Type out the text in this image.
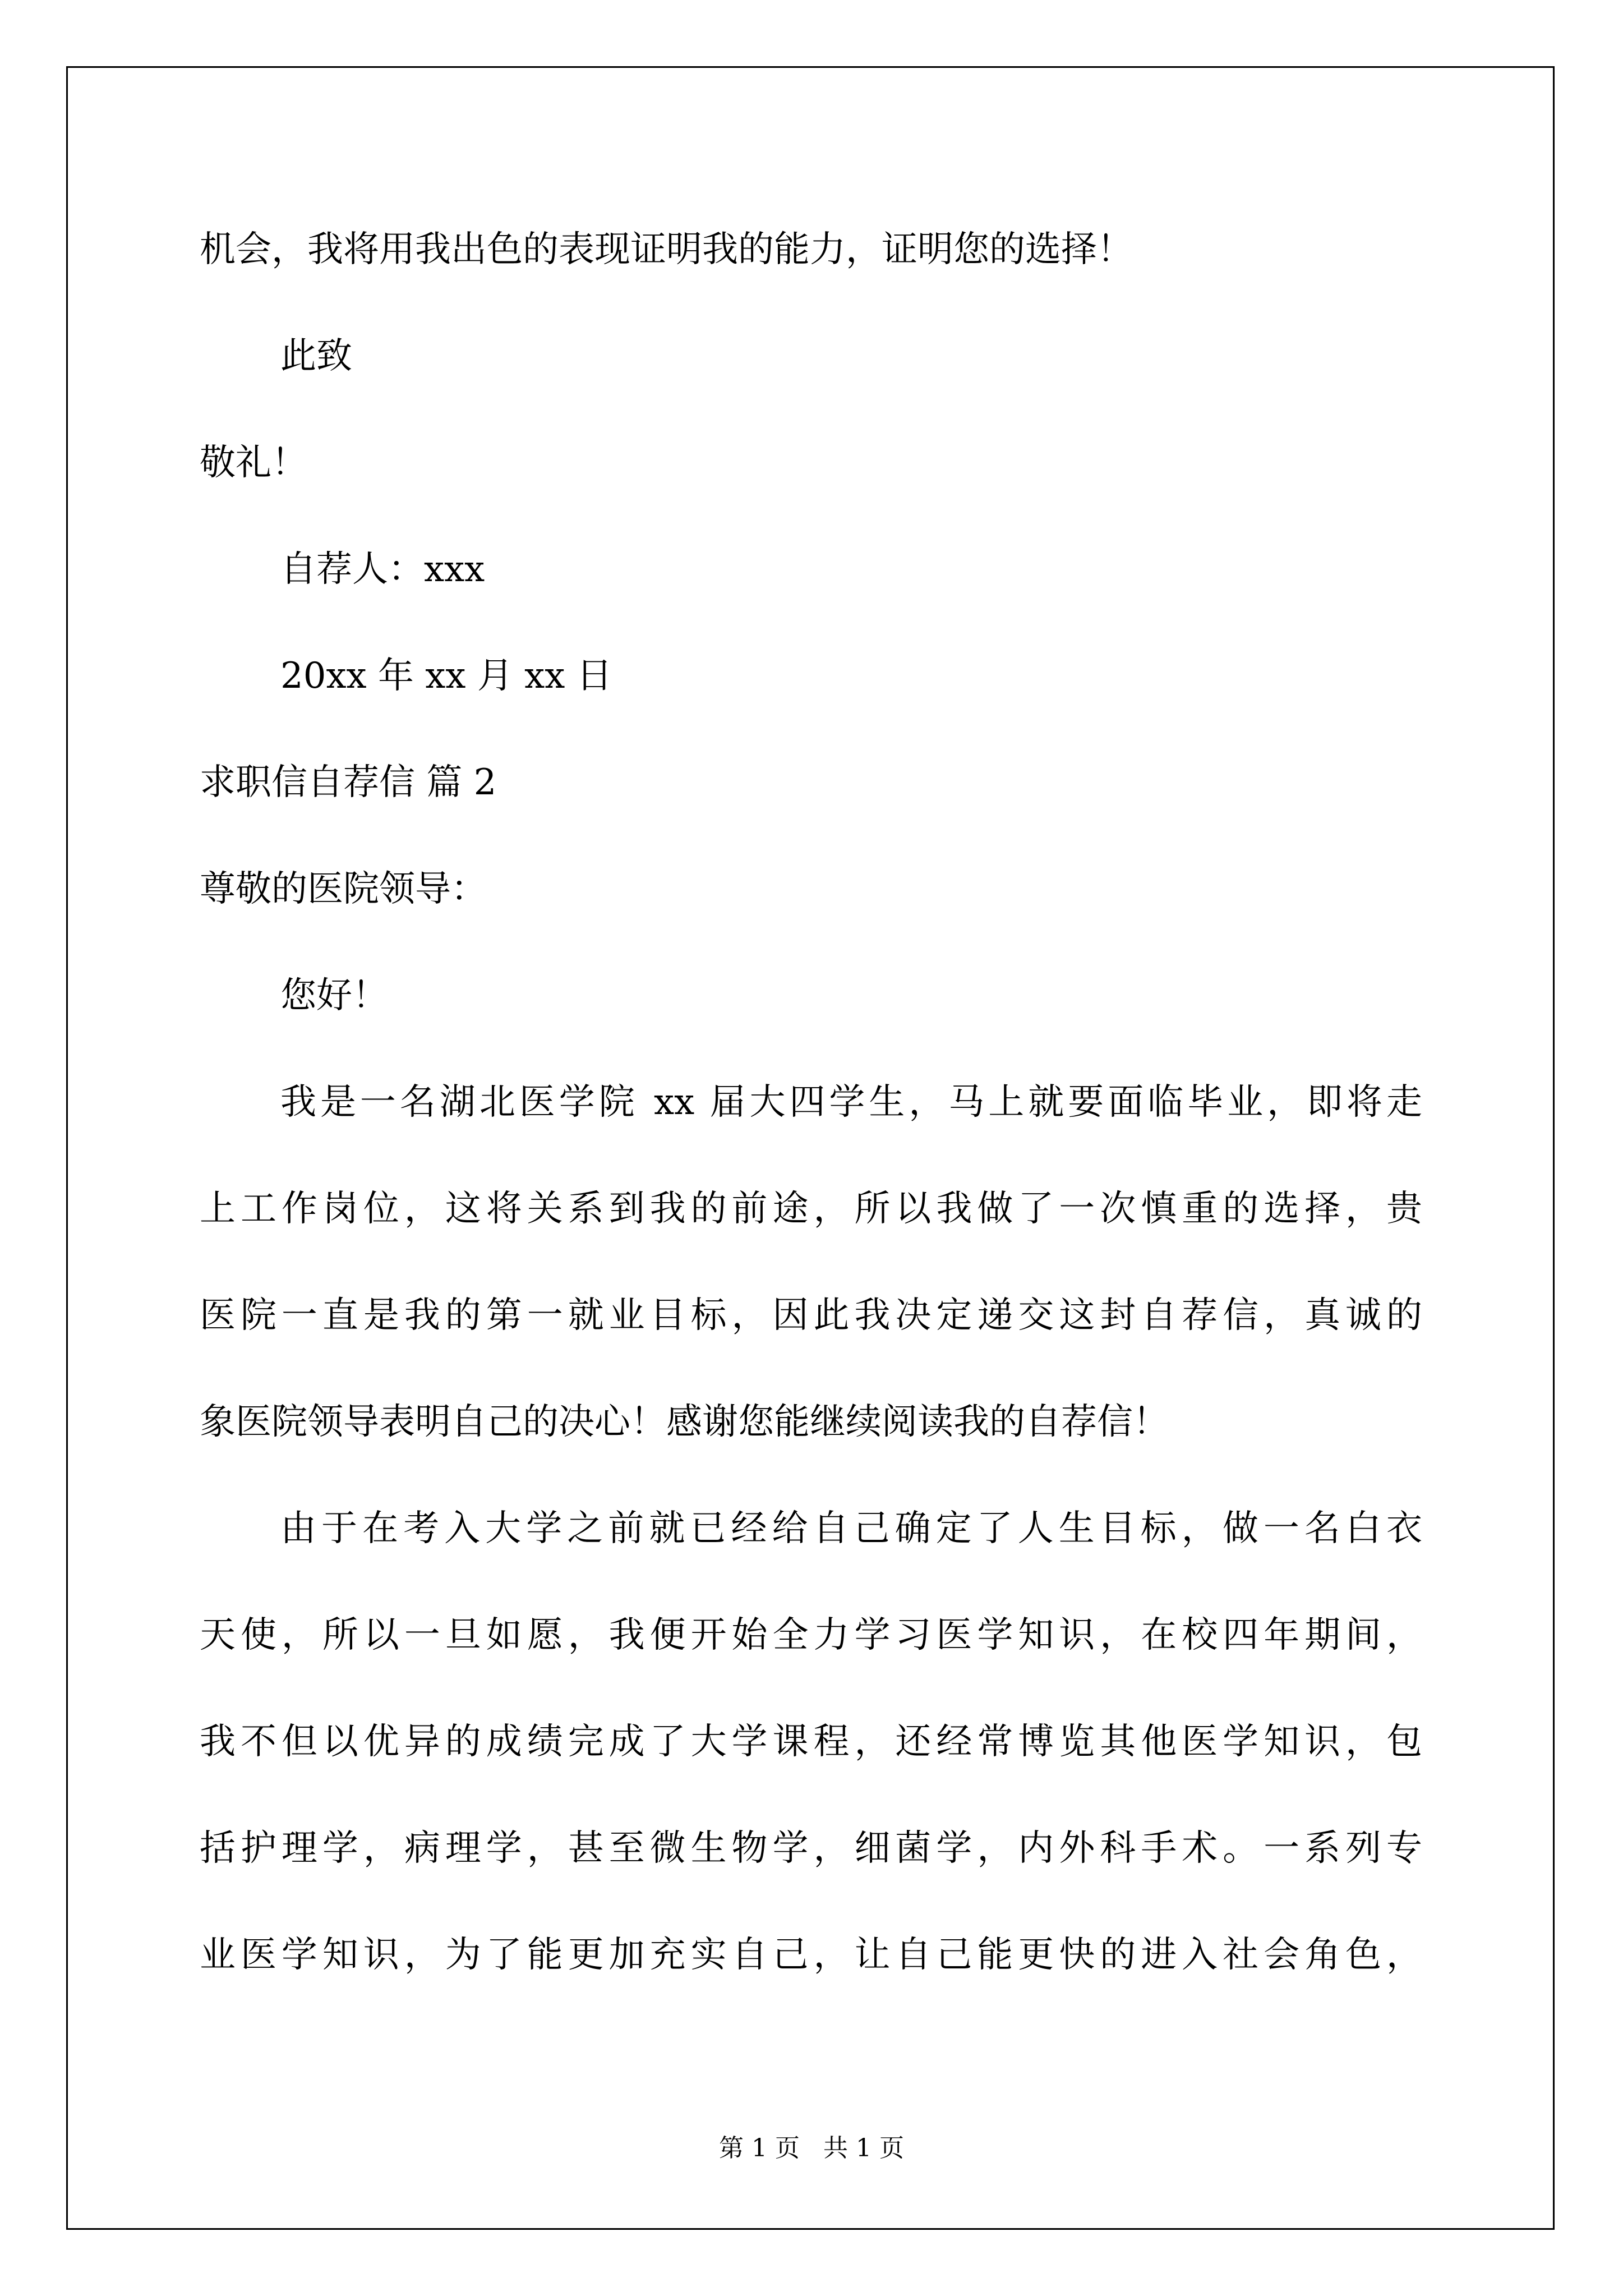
机会，我将用我出色的表现证明我的能力，证明您的选择！

此致

敬礼！

自荐人：xxx

20xx 年 xx 月 xx 日

求职信自荐信 篇 2

尊敬的医院领导：

您好！

我是一名湖北医学院 xx 届大四学生，马上就要面临毕业，即将走

上工作岗位，这将关系到我的前途，所以我做了一次慎重的选择，贵

医院一直是我的第一就业目标，因此我决定递交这封自荐信，真诚的

象医院领导表明自己的决心！感谢您能继续阅读我的自荐信！

由于在考入大学之前就已经给自己确定了人生目标，做一名白衣

天使，所以一旦如愿，我便开始全力学习医学知识，在校四年期间，

我不但以优异的成绩完成了大学课程，还经常博览其他医学知识，包

括护理学，病理学，甚至微生物学，细菌学，内外科手术。一系列专

业医学知识，为了能更加充实自己，让自己能更快的进入社会角色，

第 1 页   共 1 页
